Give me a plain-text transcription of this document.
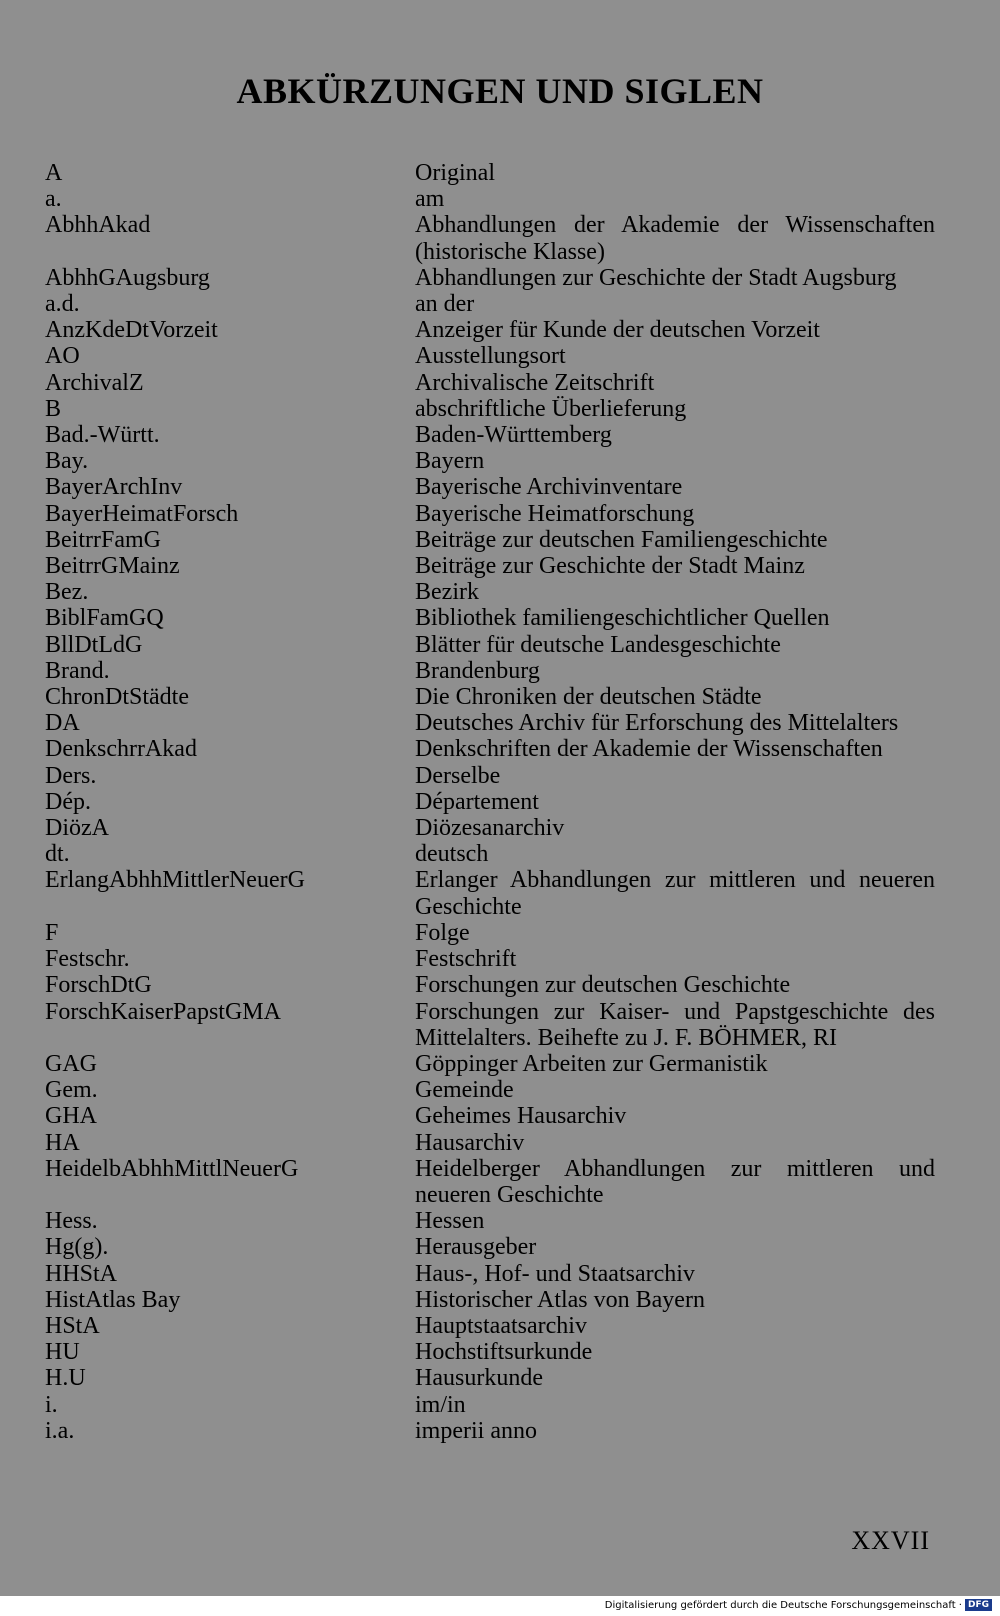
ABKÜRZUNGEN UND SIGLEN
A	Original
a.	am
AbhhAkad	Abhandlungen der Akademie der Wissenschaften (historische Klasse)
AbhhGAugsburg	Abhandlungen zur Geschichte der Stadt Augsburg
a.d.	an der
AnzKdeDtVorzeit	Anzeiger für Kunde der deutschen Vorzeit
AO	Ausstellungsort
ArchivalZ	Archivalische Zeitschrift
B	abschriftliche Überlieferung
Bad.-Württ.	Baden-Württemberg
Bay.	Bayern
BayerArchInv	Bayerische Archivinventare
BayerHeimatForsch	Bayerische Heimatforschung
BeitrrFamG	Beiträge zur deutschen Familiengeschichte
BeitrrGMainz	Beiträge zur Geschichte der Stadt Mainz
Bez.	Bezirk
BiblFamGQ	Bibliothek familiengeschichtlicher Quellen
BllDtLdG	Blätter für deutsche Landesgeschichte
Brand.	Brandenburg
ChronDtStädte	Die Chroniken der deutschen Städte
DA	Deutsches Archiv für Erforschung des Mittelalters
DenkschrrAkad	Denkschriften der Akademie der Wissenschaften
Ders.	Derselbe
Dép.	Département
DiözA	Diözesanarchiv
dt.	deutsch
ErlangAbhhMittlerNeuerG	Erlanger Abhandlungen zur mittleren und neueren Geschichte
F	Folge
Festschr.	Festschrift
ForschDtG	Forschungen zur deutschen Geschichte
ForschKaiserPapstGMA	Forschungen zur Kaiser- und Papstgeschichte des Mittelalters. Beihefte zu J. F. BÖHMER, RI
GAG	Göppinger Arbeiten zur Germanistik
Gem.	Gemeinde
GHA	Geheimes Hausarchiv
HA	Hausarchiv
HeidelbAbhhMittlNeuerG	Heidelberger Abhandlungen zur mittleren und neueren Geschichte
Hess.	Hessen
Hg(g).	Herausgeber
HHStA	Haus-, Hof- und Staatsarchiv
HistAtlas Bay	Historischer Atlas von Bayern
HStA	Hauptstaatsarchiv
HU	Hochstiftsurkunde
H.U	Hausurkunde
i.	im/in
i.a.	imperii anno
XXVII
Digitalisierung gefördert durch die Deutsche Forschungsgemeinschaft · DFG
